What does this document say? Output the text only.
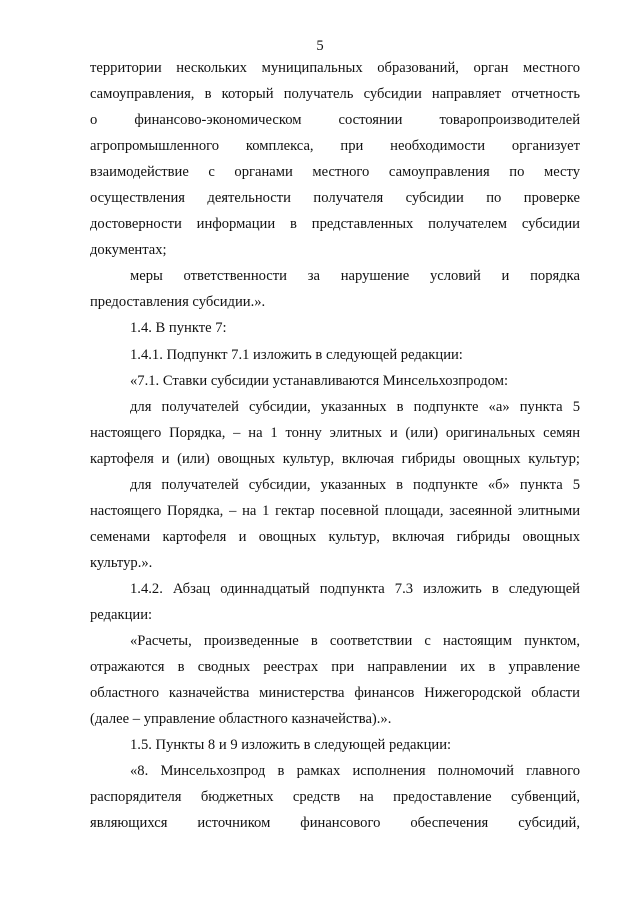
5
территории нескольких муниципальных образований, орган местного
самоуправления, в который получатель субсидии направляет отчетность
о финансово-экономическом состоянии товаропроизводителей
агропромышленного комплекса, при необходимости организует
взаимодействие с органами местного самоуправления по месту
осуществления деятельности получателя субсидии по проверке
достоверности информации в представленных получателем субсидии
документах;
меры ответственности за нарушение условий и порядка
предоставления субсидии.».
1.4. В пункте 7:
1.4.1. Подпункт 7.1 изложить в следующей редакции:
«7.1. Ставки субсидии устанавливаются Минсельхозпродом:
для получателей субсидии, указанных в подпункте «а» пункта 5
настоящего Порядка, – на 1 тонну элитных и (или) оригинальных семян
картофеля и (или) овощных культур, включая гибриды овощных культур;
для получателей субсидии, указанных в подпункте «б» пункта 5
настоящего Порядка, – на 1 гектар посевной площади, засеянной элитными
семенами картофеля и овощных культур, включая гибриды овощных
культур.».
1.4.2. Абзац одиннадцатый подпункта 7.3 изложить в следующей
редакции:
«Расчеты, произведенные в соответствии с настоящим пунктом,
отражаются в сводных реестрах при направлении их в управление
областного казначейства министерства финансов Нижегородской области
(далее – управление областного казначейства).».
1.5. Пункты 8 и 9 изложить в следующей редакции:
«8. Минсельхозпрод в рамках исполнения полномочий главного
распорядителя бюджетных средств на предоставление субвенций,
являющихся источником финансового обеспечения субсидий,
